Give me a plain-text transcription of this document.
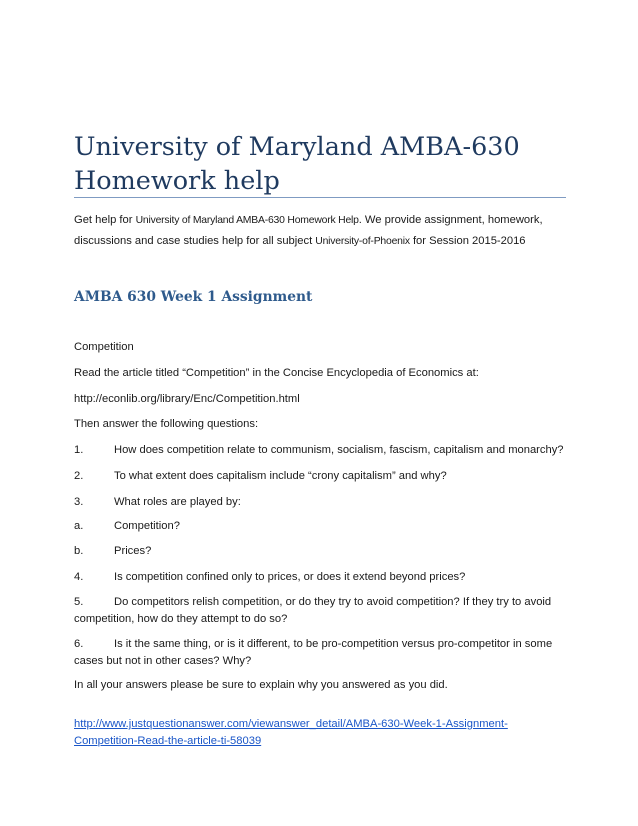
University of Maryland AMBA-630
Homework help
Get help for University of Maryland AMBA-630 Homework Help. We provide assignment, homework,
discussions and case studies help for all subject University-of-Phoenix for Session 2015-2016
AMBA 630 Week 1 Assignment
Competition
Read the article titled “Competition” in the Concise Encyclopedia of Economics at:
http://econlib.org/library/Enc/Competition.html
Then answer the following questions:
1.	How does competition relate to communism, socialism, fascism, capitalism and monarchy?
2.	To what extent does capitalism include “crony capitalism” and why?
3.	What roles are played by:
a.	Competition?
b.	Prices?
4.	Is competition confined only to prices, or does it extend beyond prices?
5.	Do competitors relish competition, or do they try to avoid competition? If they try to avoid
competition, how do they attempt to do so?
6.	Is it the same thing, or is it different, to be pro-competition versus pro-competitor in some
cases but not in other cases? Why?
In all your answers please be sure to explain why you answered as you did.
http://www.justquestionanswer.com/viewanswer_detail/AMBA-630-Week-1-Assignment-
Competition-Read-the-article-ti-58039
